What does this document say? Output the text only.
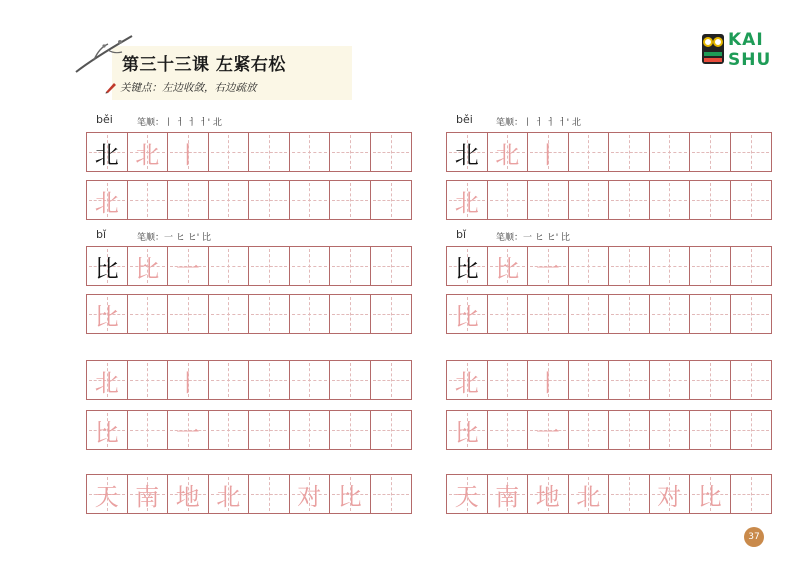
第三十三课 左紧右松
关键点：左边收敛，右边疏放
KAI
SHU
běi	笔顺：丨 ㅓ ㅓ ㅓ' 北
北 北 丨
北
bǐ	笔顺：一 ヒ ヒ' 比
比 比 一
比
北 丨
比 一
天 南 地 北 对 比
běi	笔顺：丨 ㅓ ㅓ ㅓ' 北
北 北 丨
北
bǐ	笔顺：一 ヒ ヒ' 比
比 比 一
比
北 丨
比 一
天 南 地 北 对 比
37
